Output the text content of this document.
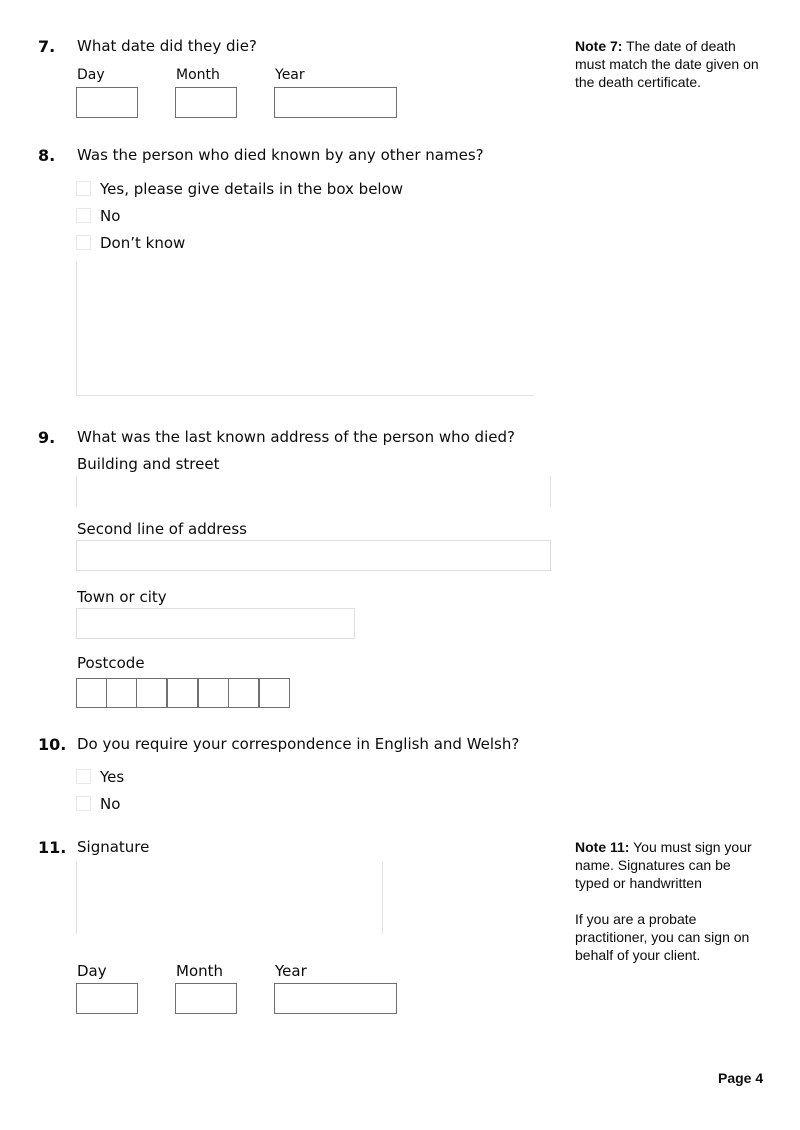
7. What date did they die?
Day	Month	Year
Note 7: The date of death must match the date given on the death certificate.
8. Was the person who died known by any other names?
Yes, please give details in the box below
No
Don’t know
9. What was the last known address of the person who died?
Building and street
Second line of address
Town or city
Postcode
10. Do you require your correspondence in English and Welsh?
Yes
No
11. Signature
Day	Month	Year

Note 11: You must sign your name. Signatures can be typed or handwritten

If you are a probate practitioner, you can sign on behalf of your client.

Page 4
